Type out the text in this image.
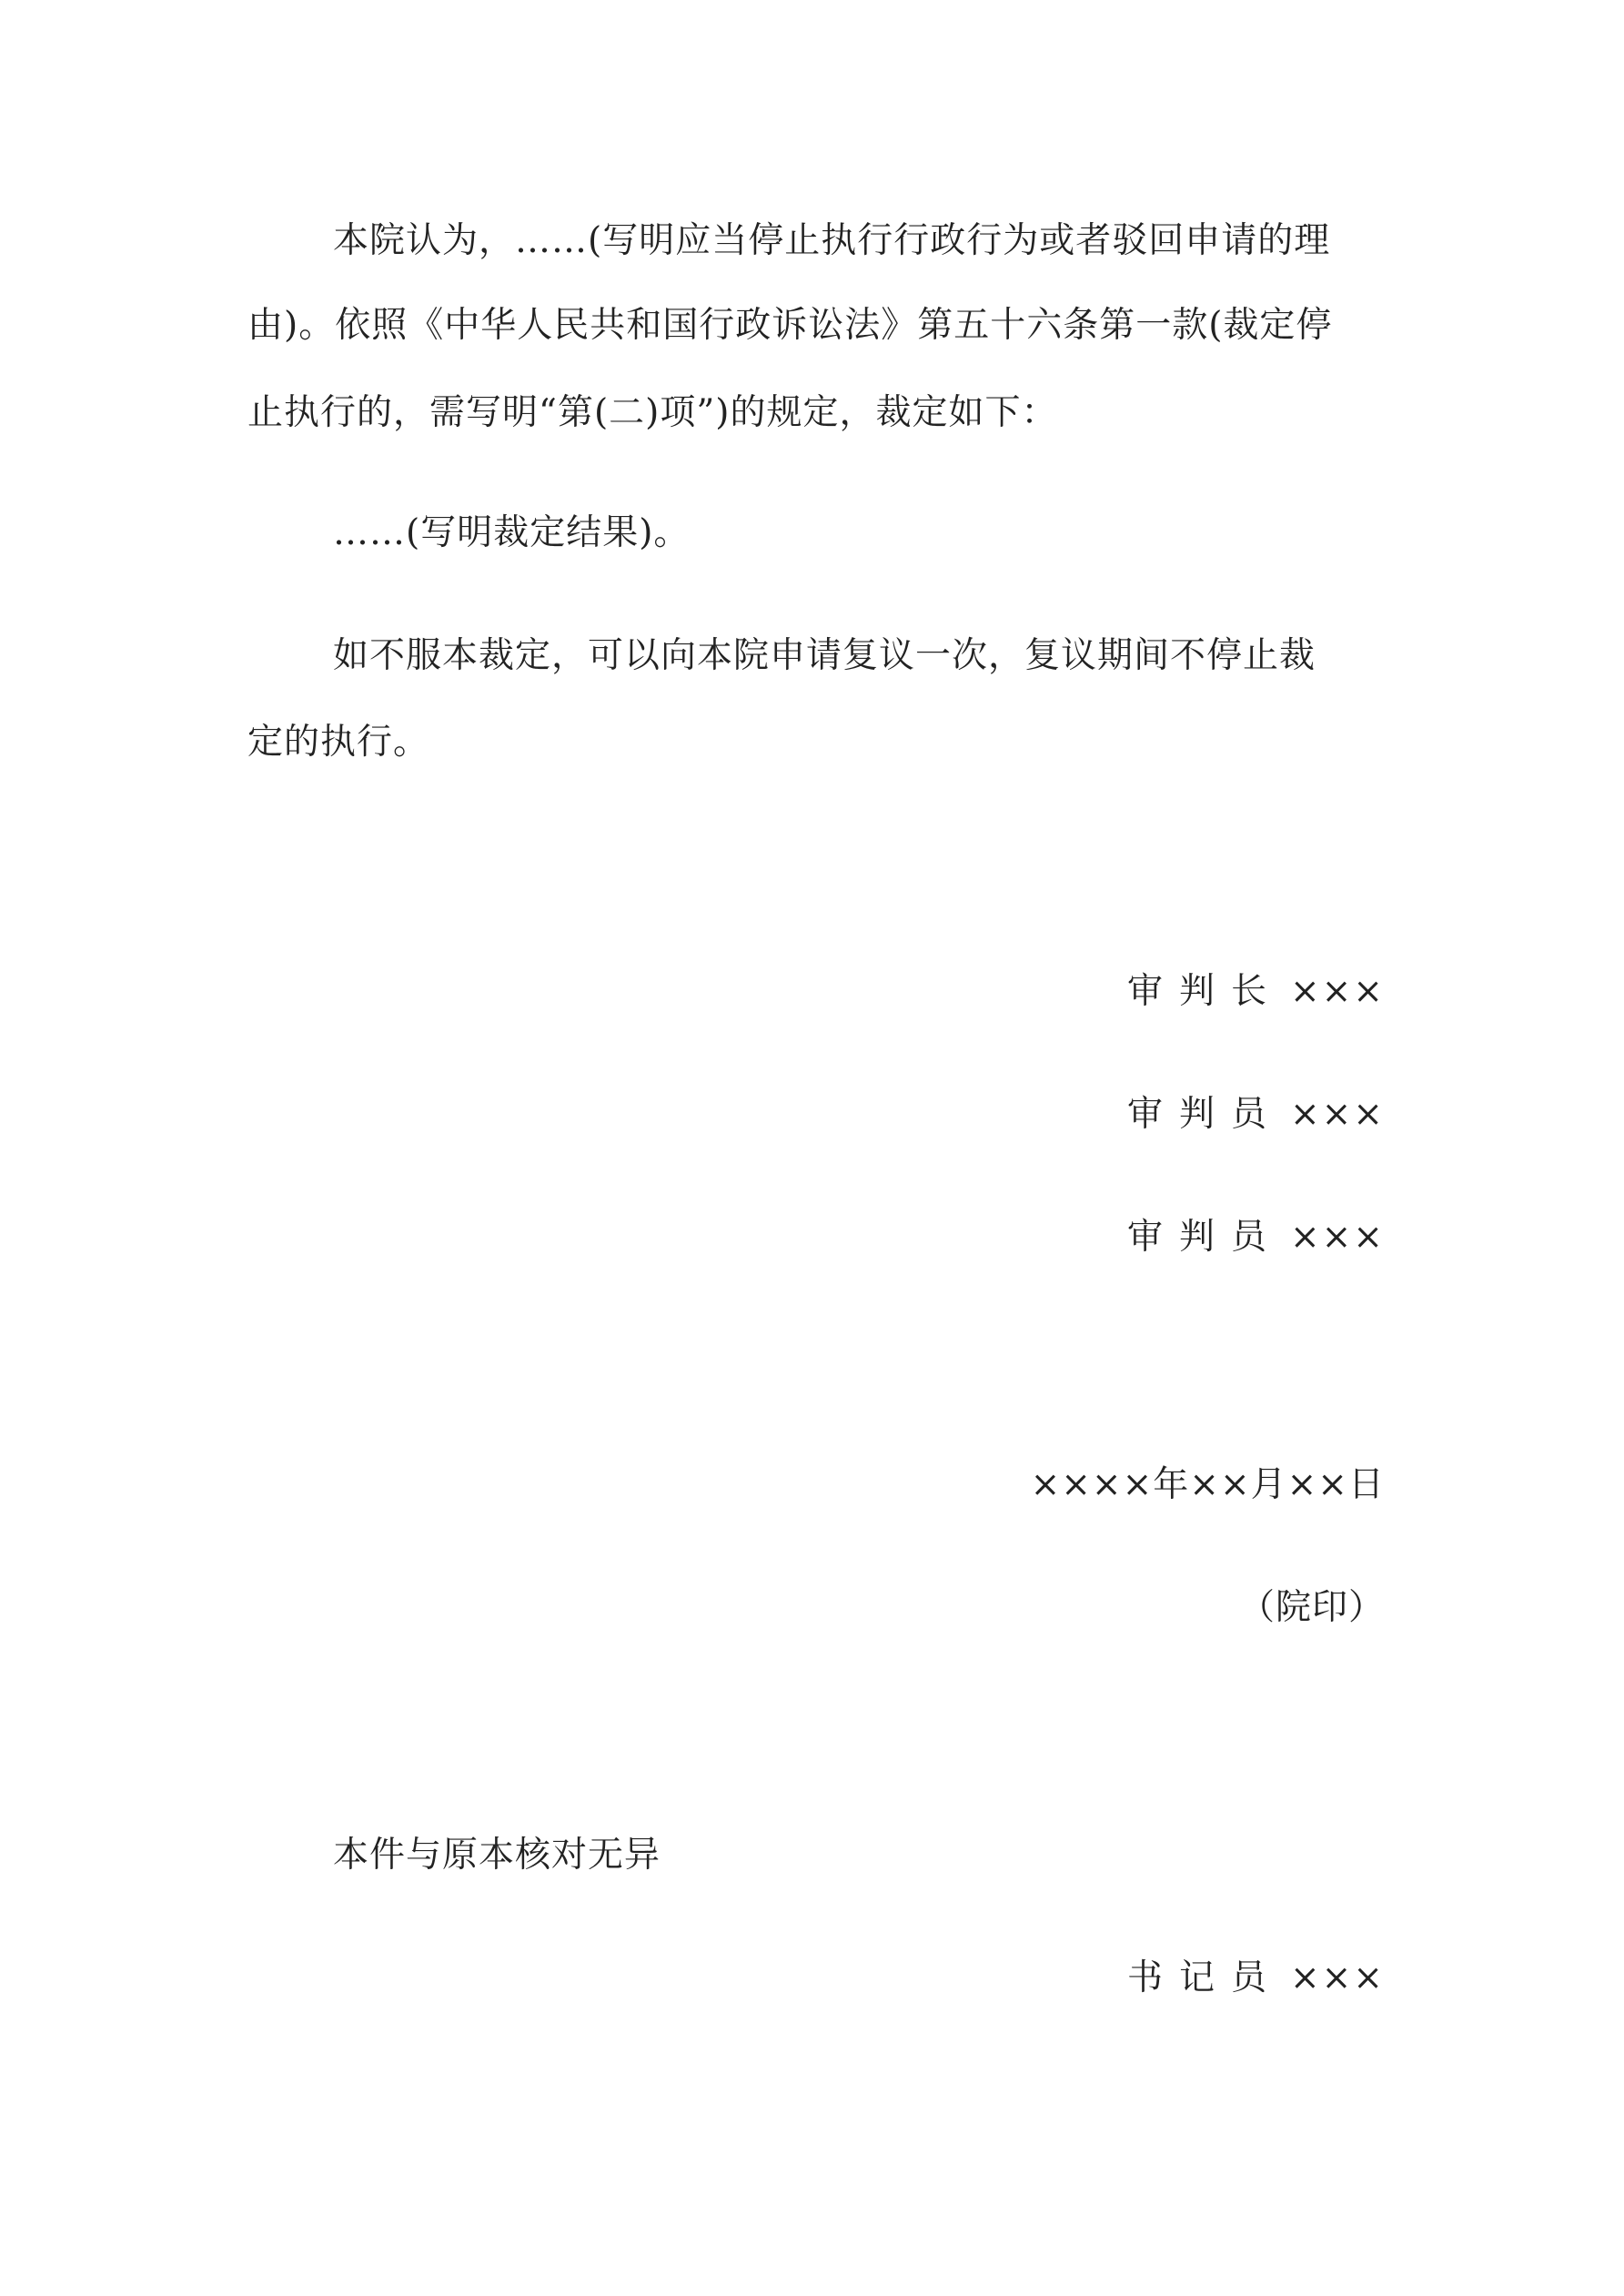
本院认为，……(写明应当停止执行行政行为或者驳回申请的理
由)。依照《中华人民共和国行政诉讼法》第五十六条第一款(裁定停
止执行的，需写明“第(二)项”)的规定，裁定如下：
……(写明裁定结果)。
如不服本裁定，可以向本院申请复议一次，复议期间不停止裁
定的执行。
审判长 ×××
审判员 ×××
审判员 ×××
××××年××月××日
（院印）
本件与原本核对无异
书记员 ×××
